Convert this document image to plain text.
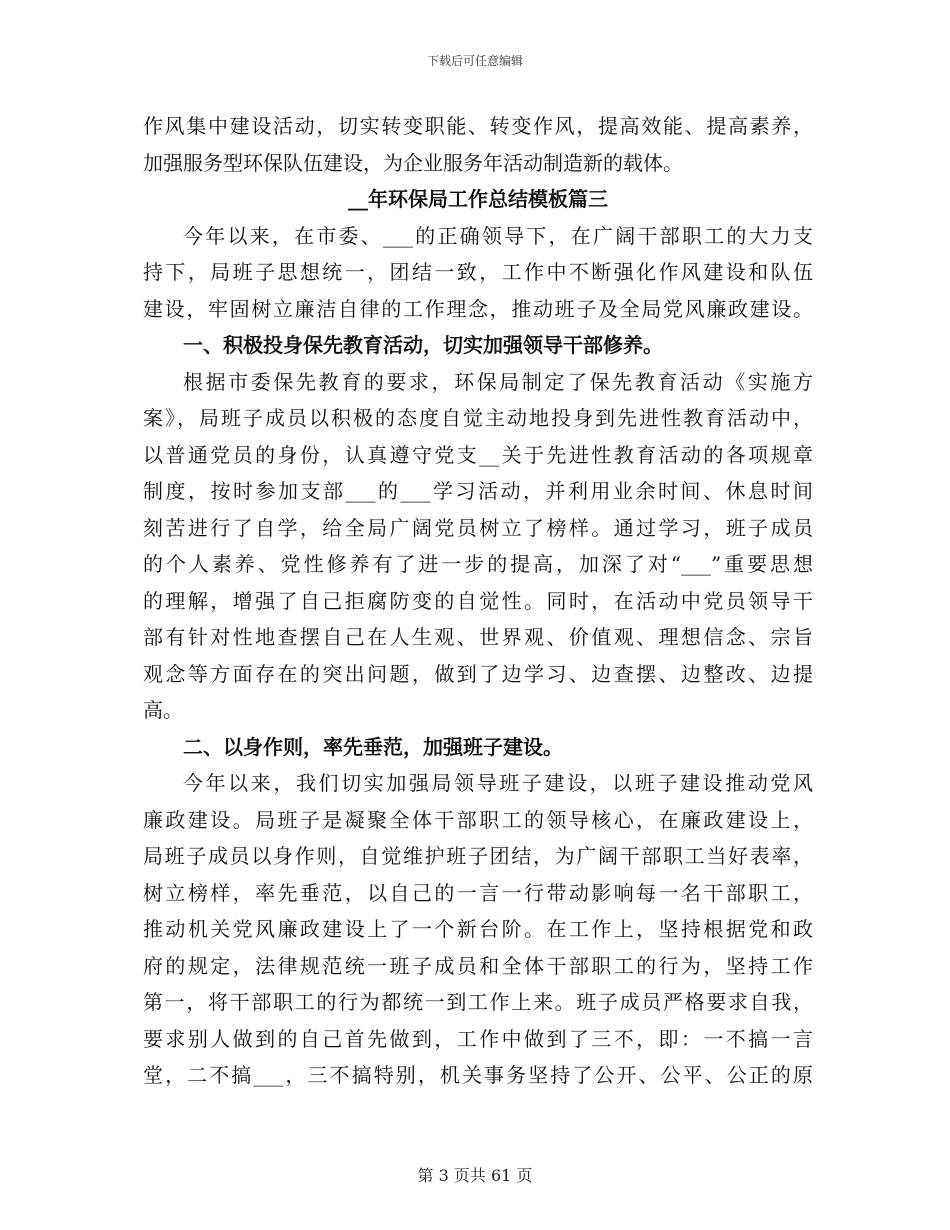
下载后可任意编辑
作风集中建设活动，切实转变职能、转变作风，提高效能、提高素养，
加强服务型环保队伍建设，为企业服务年活动制造新的载体。
__年环保局工作总结模板篇三
今年以来，在市委、___的正确领导下，在广阔干部职工的大力支
持下，局班子思想统一，团结一致，工作中不断强化作风建设和队伍
建设，牢固树立廉洁自律的工作理念，推动班子及全局党风廉政建设。
一、积极投身保先教育活动，切实加强领导干部修养。
根据市委保先教育的要求，环保局制定了保先教育活动《实施方
案》，局班子成员以积极的态度自觉主动地投身到先进性教育活动中，
以普通党员的身份，认真遵守党支__关于先进性教育活动的各项规章
制度，按时参加支部___的___学习活动，并利用业余时间、休息时间
刻苦进行了自学，给全局广阔党员树立了榜样。通过学习，班子成员
的个人素养、党性修养有了进一步的提高，加深了对“___”重要思想
的理解，增强了自己拒腐防变的自觉性。同时，在活动中党员领导干
部有针对性地查摆自己在人生观、世界观、价值观、理想信念、宗旨
观念等方面存在的突出问题，做到了边学习、边查摆、边整改、边提
高。
二、以身作则，率先垂范，加强班子建设。
今年以来，我们切实加强局领导班子建设，以班子建设推动党风
廉政建设。局班子是凝聚全体干部职工的领导核心，在廉政建设上，
局班子成员以身作则，自觉维护班子团结，为广阔干部职工当好表率，
树立榜样，率先垂范，以自己的一言一行带动影响每一名干部职工，
推动机关党风廉政建设上了一个新台阶。在工作上，坚持根据党和政
府的规定，法律规范统一班子成员和全体干部职工的行为，坚持工作
第一，将干部职工的行为都统一到工作上来。班子成员严格要求自我，
要求别人做到的自己首先做到，工作中做到了三不，即：一不搞一言
堂，二不搞___，三不搞特别，机关事务坚持了公开、公平、公正的原
第 3 页共 61 页
